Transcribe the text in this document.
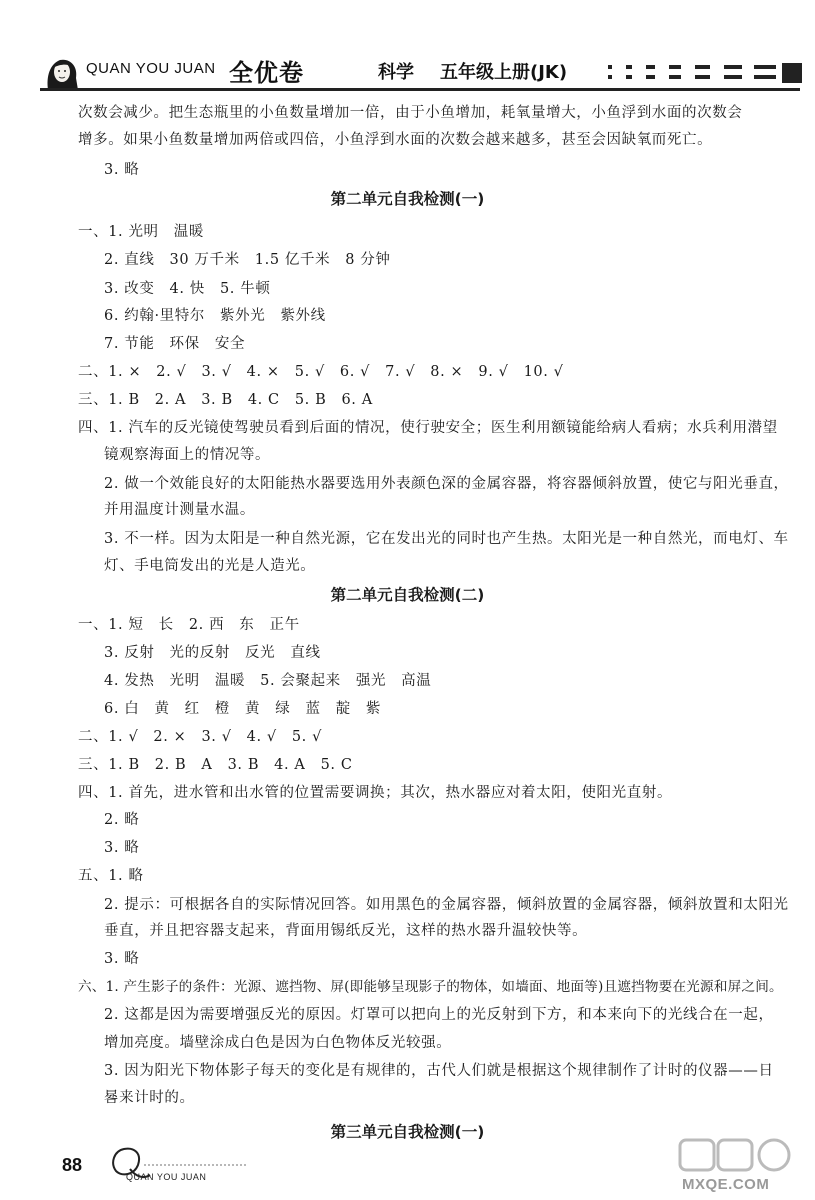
QUAN YOU JUAN 全优卷	科学 五年级上册(JK)
次数会减少。把生态瓶里的小鱼数量增加一倍，由于小鱼增加，耗氧量增大，小鱼浮到水面的次数会
增多。如果小鱼数量增加两倍或四倍，小鱼浮到水面的次数会越来越多，甚至会因缺氧而死亡。
3. 略
第二单元自我检测(一)
一、1. 光明　温暖
2. 直线　30 万千米　1.5 亿千米　8 分钟
3. 改变　4. 快　5. 牛顿
6. 约翰·里特尔　紫外光　紫外线
7. 节能　环保　安全
二、1. ×　2. √　3. √　4. ×　5. √　6. √　7. √　8. ×　9. √　10. √
三、1. B　2. A　3. B　4. C　5. B　6. A
四、1. 汽车的反光镜使驾驶员看到后面的情况，使行驶安全；医生利用额镜能给病人看病；水兵利用潜望
镜观察海面上的情况等。
2. 做一个效能良好的太阳能热水器要选用外表颜色深的金属容器，将容器倾斜放置，使它与阳光垂直，
并用温度计测量水温。
3. 不一样。因为太阳是一种自然光源，它在发出光的同时也产生热。太阳光是一种自然光，而电灯、车
灯、手电筒发出的光是人造光。
第二单元自我检测(二)
一、1. 短　长　2. 西　东　正午
3. 反射　光的反射　反光　直线
4. 发热　光明　温暖　5. 会聚起来　强光　高温
6. 白　黄　红　橙　黄　绿　蓝　靛　紫
二、1. √　2. ×　3. √　4. √　5. √
三、1. B　2. B　A　3. B　4. A　5. C
四、1. 首先，进水管和出水管的位置需要调换；其次，热水器应对着太阳，使阳光直射。
2. 略
3. 略
五、1. 略
2. 提示：可根据各自的实际情况回答。如用黑色的金属容器，倾斜放置的金属容器，倾斜放置和太阳光
垂直，并且把容器支起来，背面用锡纸反光，这样的热水器升温较快等。
3. 略
六、1. 产生影子的条件：光源、遮挡物、屏(即能够呈现影子的物体，如墙面、地面等)且遮挡物要在光源和屏之间。
2. 这都是因为需要增强反光的原因。灯罩可以把向上的光反射到下方，和本来向下的光线合在一起，
增加亮度。墙壁涂成白色是因为白色物体反光较强。
3. 因为阳光下物体影子每天的变化是有规律的，古代人们就是根据这个规律制作了计时的仪器——日
晷来计时的。
第三单元自我检测(一)
88
QUAN YOU JUAN	MXQE.COM
